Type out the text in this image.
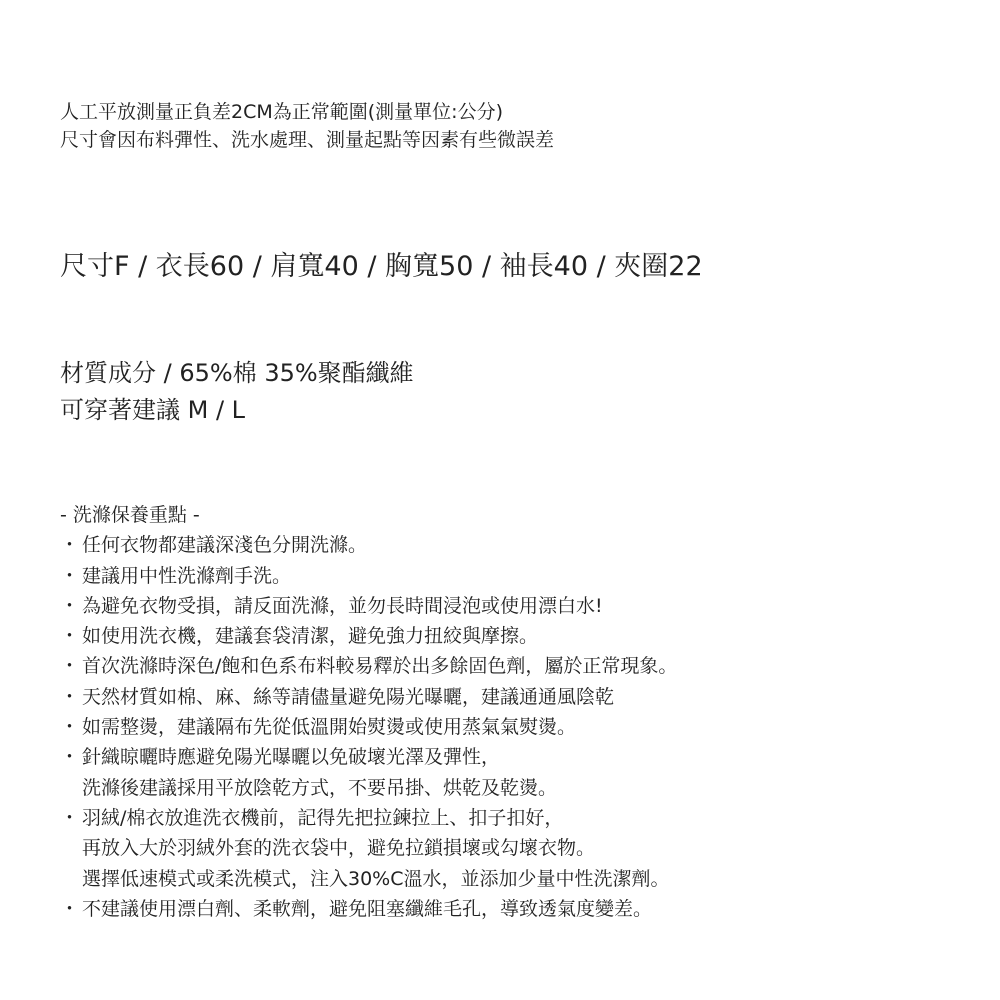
人工平放測量正負差2CM為正常範圍(測量單位:公分)
尺寸會因布料彈性、洗水處理、測量起點等因素有些微誤差
尺寸F / 衣長60 / 肩寬40 / 胸寬50 / 袖長40 / 夾圈22
材質成分 / 65%棉 35%聚酯纖維
可穿著建議 M / L
- 洗滌保養重點 -
・ 任何衣物都建議深淺色分開洗滌。
・ 建議用中性洗滌劑手洗。
・ 為避免衣物受損，請反面洗滌，並勿長時間浸泡或使用漂白水!
・ 如使用洗衣機，建議套袋清潔，避免強力扭絞與摩擦。
・ 首次洗滌時深色/飽和色系布料較易釋於出多餘固色劑，屬於正常現象。
・ 天然材質如棉、麻、絲等請儘量避免陽光曝曬，建議通通風陰乾
・ 如需整燙，建議隔布先從低溫開始熨燙或使用蒸氣氣熨燙。
・ 針織晾曬時應避免陽光曝曬以免破壞光澤及彈性，
洗滌後建議採用平放陰乾方式，不要吊掛、烘乾及乾燙。
・ 羽絨/棉衣放進洗衣機前，記得先把拉鍊拉上、扣子扣好，
再放入大於羽絨外套的洗衣袋中，避免拉鎖損壞或勾壞衣物。
選擇低速模式或柔洗模式，注入30%C溫水，並添加少量中性洗潔劑。
・ 不建議使用漂白劑、柔軟劑，避免阻塞纖維毛孔，導致透氣度變差。
